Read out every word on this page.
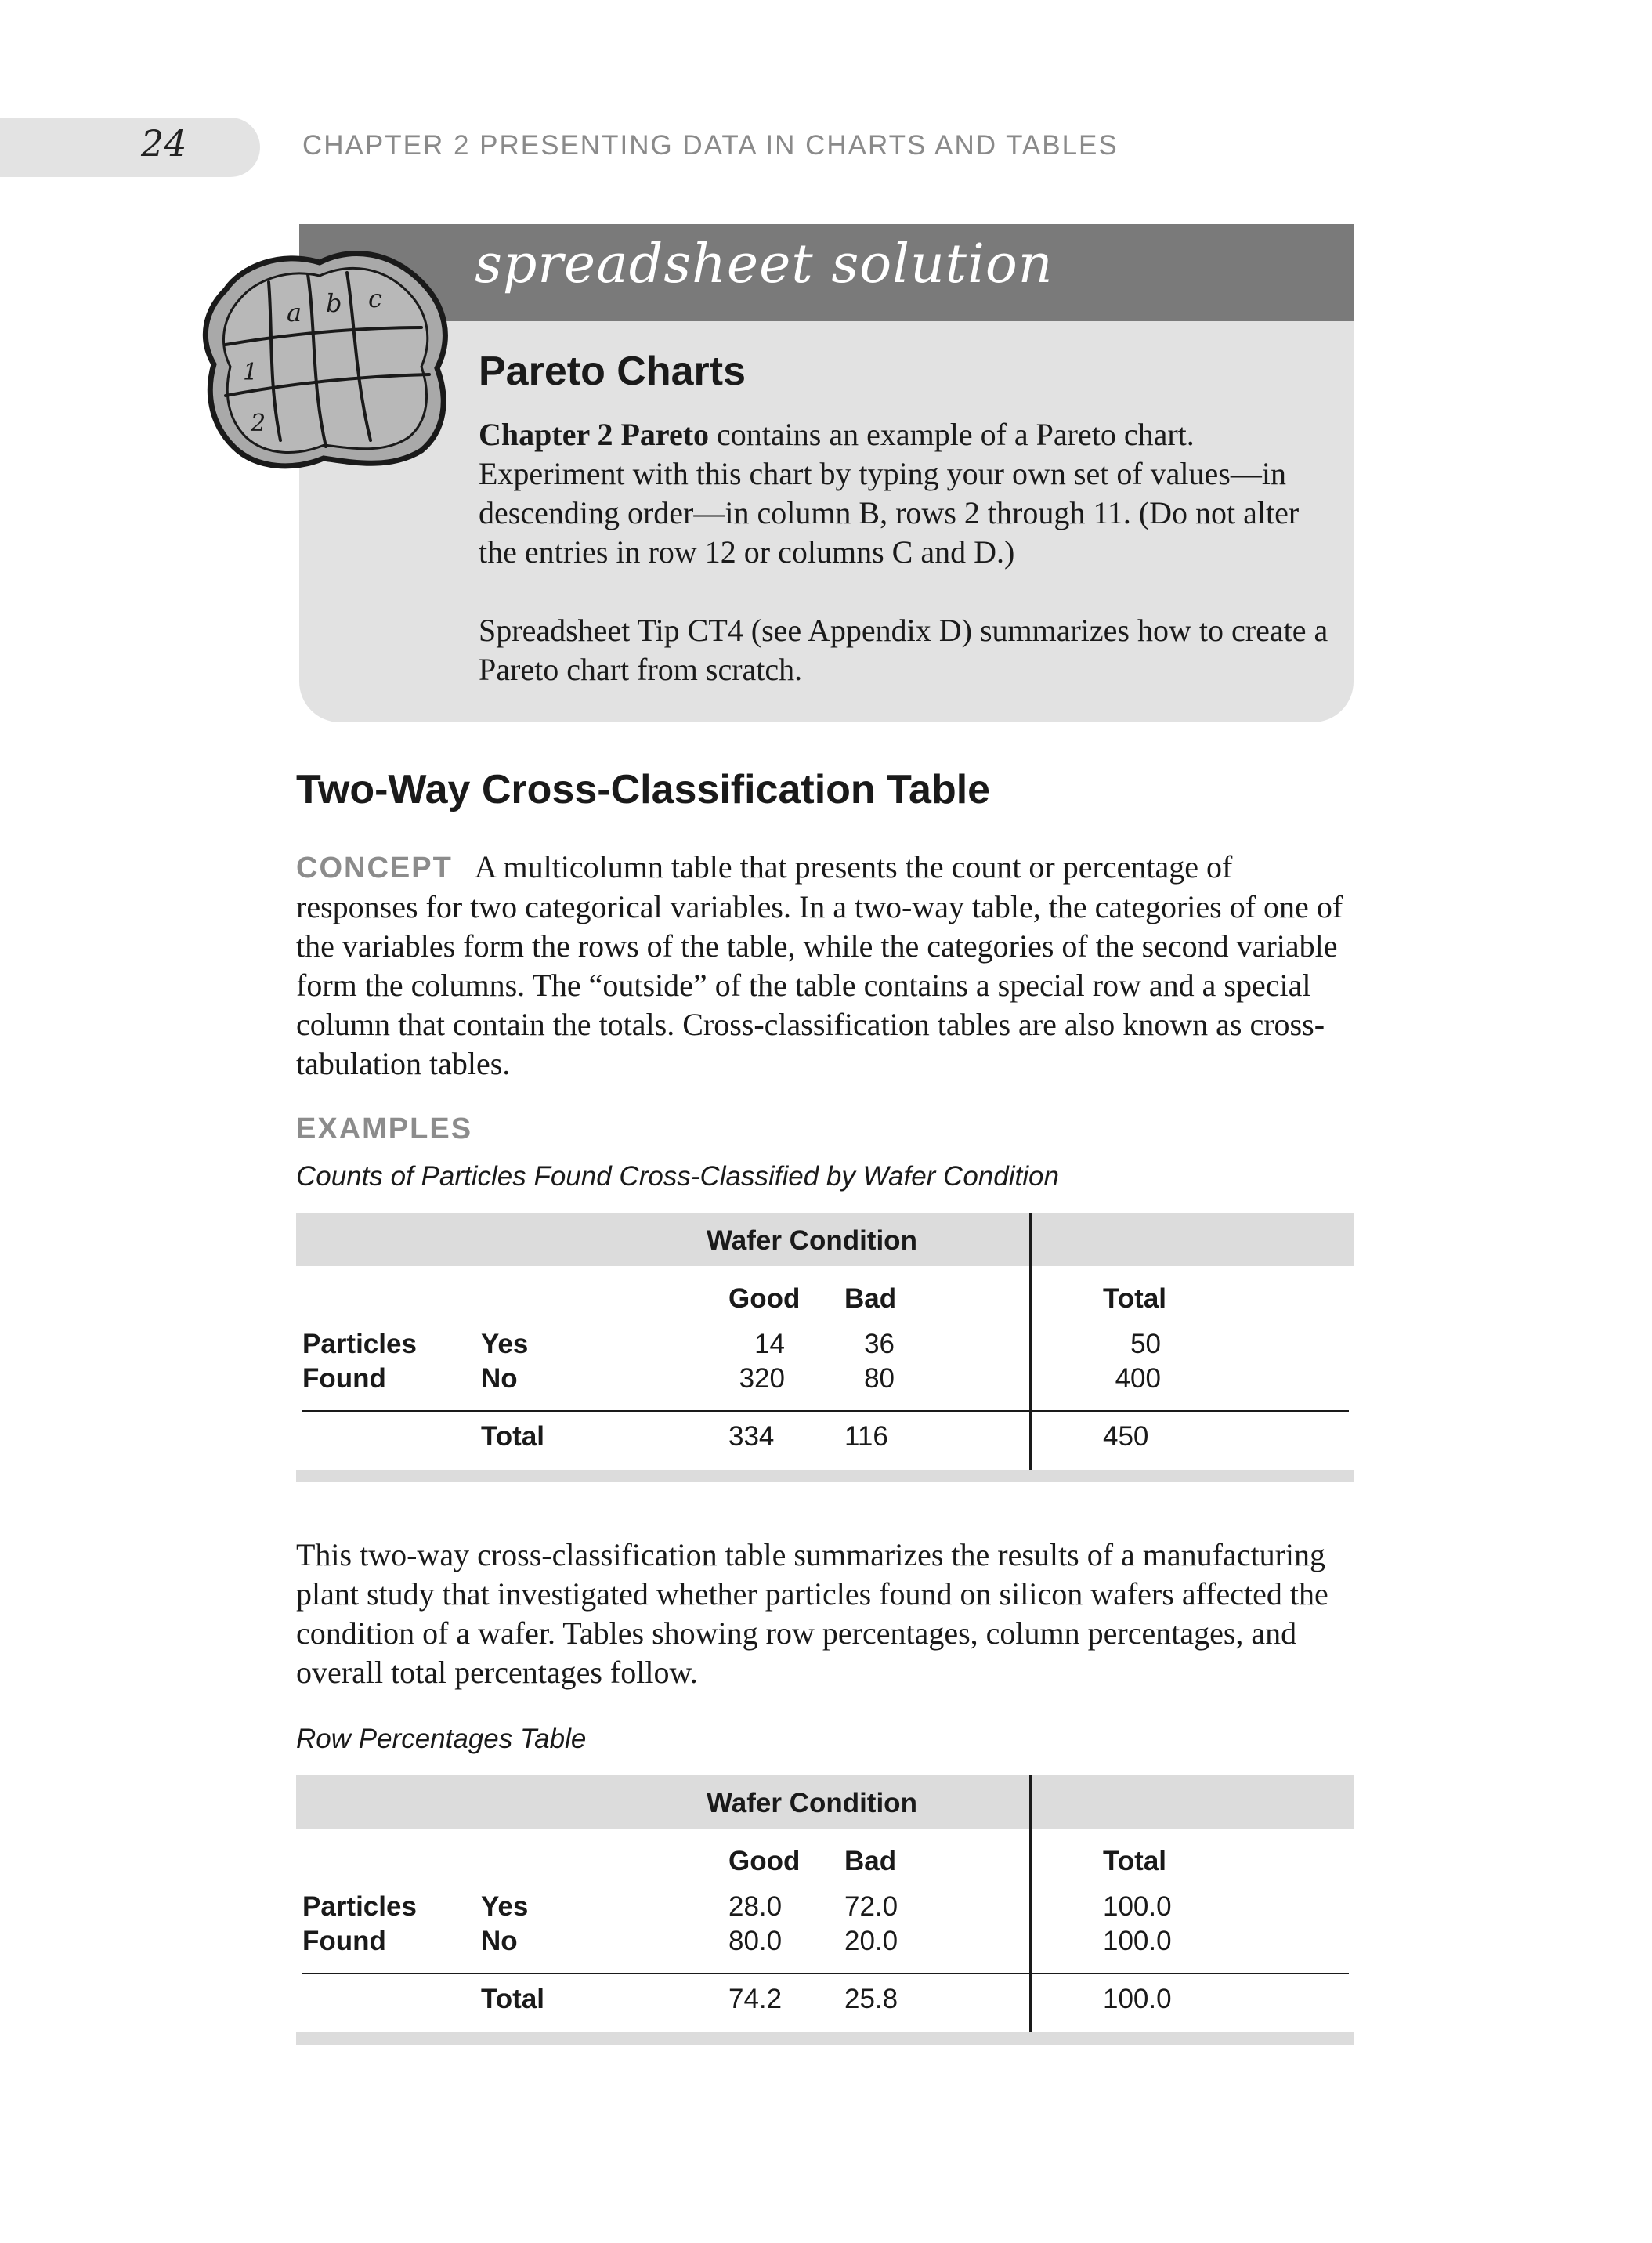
24	CHAPTER 2 PRESENTING DATA IN CHARTS AND TABLES
spreadsheet solution
a b c
1
2
Pareto Charts
Chapter 2 Pareto contains an example of a Pareto chart. Experiment with this chart by typing your own set of values—in descending order—in column B, rows 2 through 11. (Do not alter the entries in row 12 or columns C and D.)
Spreadsheet Tip CT4 (see Appendix D) summarizes how to create a Pareto chart from scratch.
Two-Way Cross-Classification Table
CONCEPT A multicolumn table that presents the count or percentage of responses for two categorical variables. In a two-way table, the categories of one of the variables form the rows of the table, while the categories of the second variable form the columns. The “outside” of the table contains a special row and a special column that contain the totals. Cross-classification tables are also known as cross-tabulation tables.
EXAMPLES
Counts of Particles Found Cross-Classified by Wafer Condition
Wafer Condition
Good Bad	Total
Particles
Found
Yes	14	36	50
No	320	80	400
Total	334	116	450
This two-way cross-classification table summarizes the results of a manufacturing plant study that investigated whether particles found on silicon wafers affected the condition of a wafer. Tables showing row percentages, column percentages, and overall total percentages follow.
Row Percentages Table
Wafer Condition
Good Bad	Total
Particles
Found
Yes	28.0 72.0	100.0
No	80.0 20.0	100.0
Total	74.2 25.8	100.0
